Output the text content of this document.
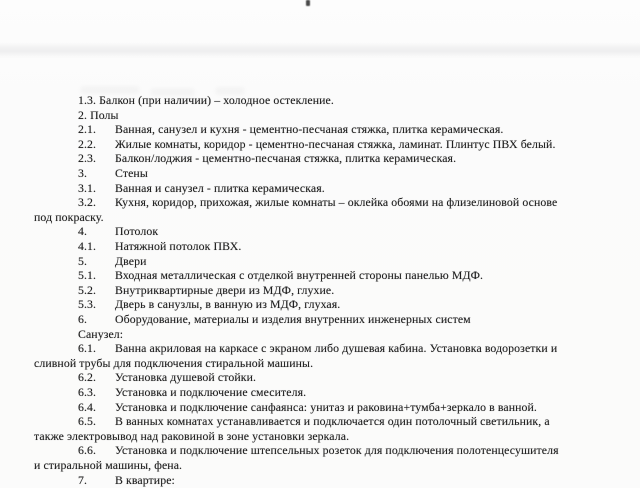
1.3. Балкон (при наличии) – холодное остекление.
2. Полы
2.1. Ванная, санузел и кухня - цементно-песчаная стяжка, плитка керамическая.
2.2. Жилые комнаты, коридор - цементно-песчаная стяжка, ламинат. Плинтус ПВХ белый.
2.3. Балкон/лоджия - цементно-песчаная стяжка, плитка керамическая.
3. Стены
3.1. Ванная и санузел - плитка керамическая.
3.2. Кухня, коридор, прихожая, жилые комнаты – оклейка обоями на флизелиновой основе
под покраску.
4. Потолок
4.1. Натяжной потолок ПВХ.
5. Двери
5.1. Входная металлическая с отделкой внутренней стороны панелью МДФ.
5.2. Внутриквартирные двери из МДФ, глухие.
5.3. Дверь в санузлы, в ванную из МДФ, глухая.
6. Оборудование, материалы и изделия внутренних инженерных систем
Санузел:
6.1. Ванна акриловая на каркасе с экраном либо душевая кабина. Установка водорозетки и
сливной трубы для подключения стиральной машины.
6.2. Установка душевой стойки.
6.3. Установка и подключение смесителя.
6.4. Установка и подключение санфаянса: унитаз и раковина+тумба+зеркало в ванной.
6.5. В ванных комнатах устанавливается и подключается один потолочный светильник, а
также электровывод над раковиной в зоне установки зеркала.
6.6. Установка и подключение штепсельных розеток для подключения полотенцесушителя
и стиральной машины, фена.
7. В квартире:
